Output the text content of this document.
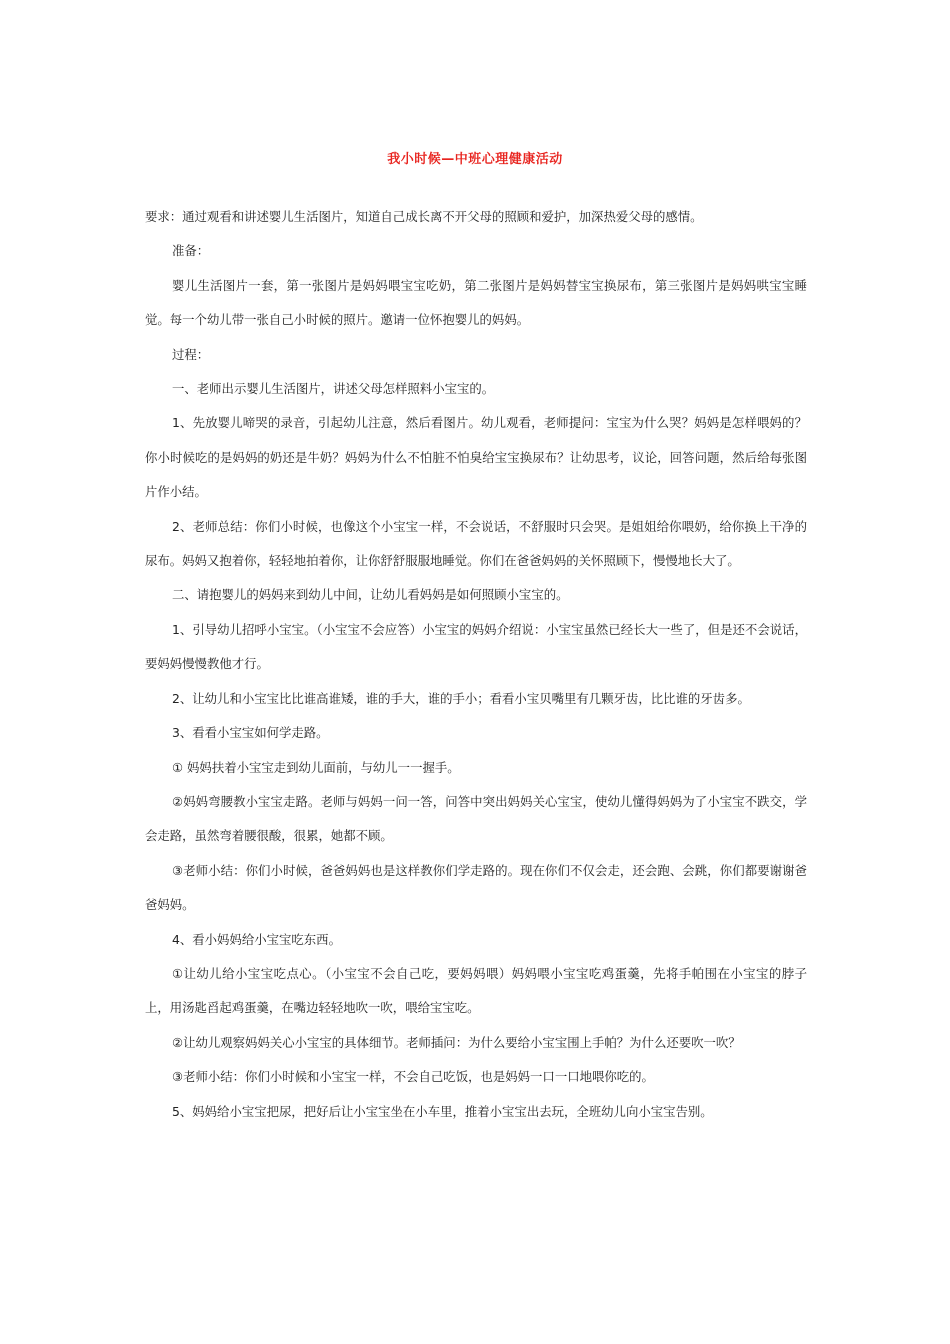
我小时候—中班心理健康活动

要求：通过观看和讲述婴儿生活图片，知道自己成长离不开父母的照顾和爱护，加深热爱父母的感情。

准备：

婴儿生活图片一套，第一张图片是妈妈喂宝宝吃奶，第二张图片是妈妈替宝宝换尿布，第三张图片是妈妈哄宝宝睡觉。每一个幼儿带一张自己小时候的照片。邀请一位怀抱婴儿的妈妈。

过程：

一、老师出示婴儿生活图片，讲述父母怎样照料小宝宝的。

1、先放婴儿啼哭的录音，引起幼儿注意，然后看图片。幼儿观看，老师提问：宝宝为什么哭？妈妈是怎样喂妈的？你小时候吃的是妈妈的奶还是牛奶？妈妈为什么不怕脏不怕臭给宝宝换尿布？让幼思考，议论，回答问题，然后给每张图片作小结。

2、老师总结：你们小时候，也像这个小宝宝一样，不会说话，不舒服时只会哭。是姐姐给你喂奶，给你换上干净的尿布。妈妈又抱着你，轻轻地拍着你，让你舒舒服服地睡觉。你们在爸爸妈妈的关怀照顾下，慢慢地长大了。

二、请抱婴儿的妈妈来到幼儿中间，让幼儿看妈妈是如何照顾小宝宝的。

1、引导幼儿招呼小宝宝。（小宝宝不会应答）小宝宝的妈妈介绍说：小宝宝虽然已经长大一些了，但是还不会说话，要妈妈慢慢教他才行。

2、让幼儿和小宝宝比比谁高谁矮，谁的手大，谁的手小；看看小宝贝嘴里有几颗牙齿，比比谁的牙齿多。

3、看看小宝宝如何学走路。

① 妈妈扶着小宝宝走到幼儿面前，与幼儿一一握手。

②妈妈弯腰教小宝宝走路。老师与妈妈一问一答，问答中突出妈妈关心宝宝，使幼儿懂得妈妈为了小宝宝不跌交，学会走路，虽然弯着腰很酸，很累，她都不顾。

③老师小结：你们小时候，爸爸妈妈也是这样教你们学走路的。现在你们不仅会走，还会跑、会跳，你们都要谢谢爸爸妈妈。

4、看小妈妈给小宝宝吃东西。

①让幼儿给小宝宝吃点心。（小宝宝不会自己吃，要妈妈喂）妈妈喂小宝宝吃鸡蛋羹，先将手帕围在小宝宝的脖子上，用汤匙舀起鸡蛋羹，在嘴边轻轻地吹一吹，喂给宝宝吃。

②让幼儿观察妈妈关心小宝宝的具体细节。老师插问：为什么要给小宝宝围上手帕？为什么还要吹一吹？

③老师小结：你们小时候和小宝宝一样，不会自己吃饭，也是妈妈一口一口地喂你吃的。

5、妈妈给小宝宝把尿，把好后让小宝宝坐在小车里，推着小宝宝出去玩，全班幼儿向小宝宝告别。
